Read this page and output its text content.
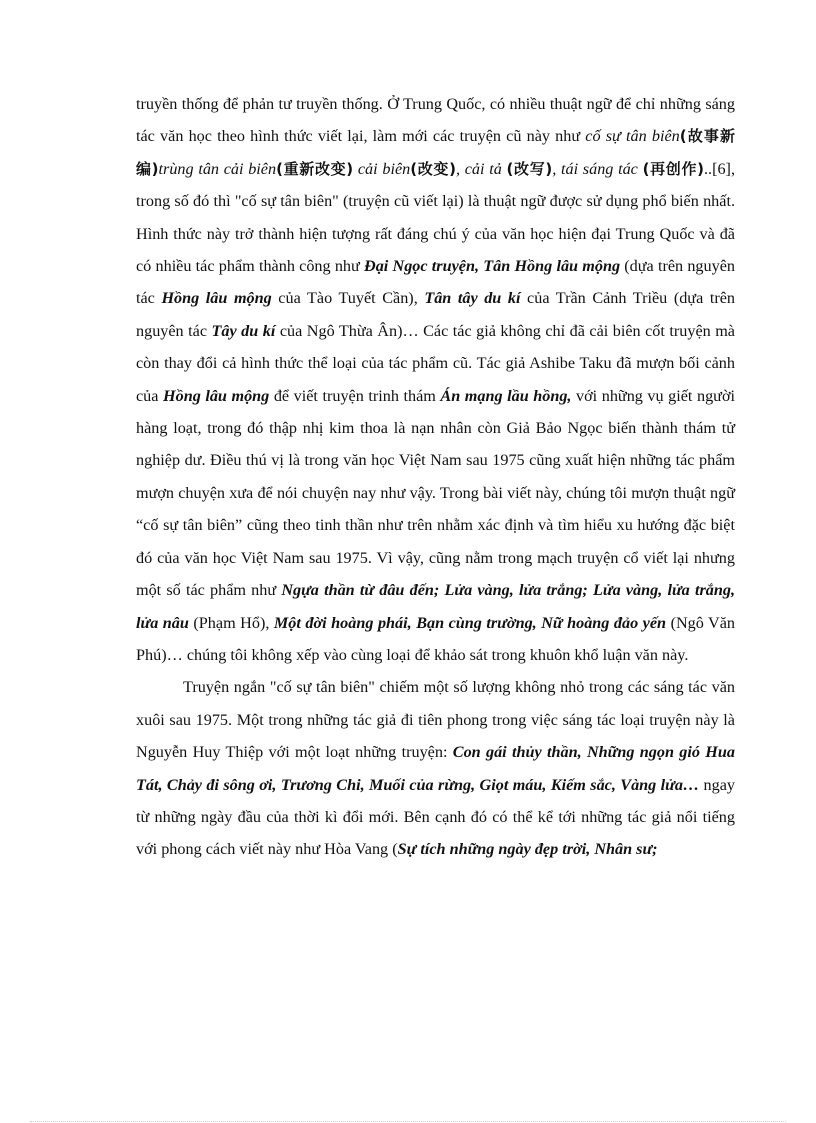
truyền thống để phản tư truyền thống. Ở Trung Quốc, có nhiều thuật ngữ để chỉ những sáng tác văn học theo hình thức viết lại, làm mới các truyện cũ này như cố sự tân biên(故事新编)trùng tân cải biên(重新改变) cải biên(改变), cải tả (改写), tái sáng tác (再创作)..[6], trong số đó thì "cố sự tân biên" (truyện cũ viết lại) là thuật ngữ được sử dụng phổ biến nhất. Hình thức này trở thành hiện tượng rất đáng chú ý của văn học hiện đại Trung Quốc và đã có nhiều tác phẩm thành công như Đại Ngọc truyện, Tân Hồng lâu mộng (dựa trên nguyên tác Hồng lâu mộng của Tào Tuyết Cần), Tân tây du kí của Trần Cảnh Triều (dựa trên nguyên tác Tây du kí của Ngô Thừa Ân)… Các tác giả không chỉ đã cải biên cốt truyện mà còn thay đổi cả hình thức thể loại của tác phẩm cũ. Tác giả Ashibe Taku đã mượn bối cảnh của Hồng lâu mộng để viết truyện trinh thám Án mạng lầu hồng, với những vụ giết người hàng loạt, trong đó thập nhị kim thoa là nạn nhân còn Giả Bảo Ngọc biến thành thám tử nghiệp dư. Điều thú vị là trong văn học Việt Nam sau 1975 cũng xuất hiện những tác phẩm mượn chuyện xưa để nói chuyện nay như vậy. Trong bài viết này, chúng tôi mượn thuật ngữ “cố sự tân biên” cũng theo tinh thần như trên nhằm xác định và tìm hiểu xu hướng đặc biệt đó của văn học Việt Nam sau 1975. Vì vậy, cũng nằm trong mạch truyện cổ viết lại nhưng một số tác phẩm như Ngựa thần từ đâu đến; Lửa vàng, lửa trắng; Lửa vàng, lửa trắng, lửa nâu (Phạm Hổ), Một đời hoàng phái, Bạn cùng trường, Nữ hoàng đảo yến (Ngô Văn Phú)… chúng tôi không xếp vào cùng loại để khảo sát trong khuôn khổ luận văn này.

Truyện ngắn "cố sự tân biên" chiếm một số lượng không nhỏ trong các sáng tác văn xuôi sau 1975. Một trong những tác giả đi tiên phong trong việc sáng tác loại truyện này là Nguyễn Huy Thiệp với một loạt những truyện: Con gái thủy thần, Những ngọn gió Hua Tát, Chảy đi sông ơi, Trương Chi, Muối của rừng, Giọt máu, Kiếm sắc, Vàng lửa… ngay từ những ngày đầu của thời kì đổi mới. Bên cạnh đó có thể kể tới những tác giả nổi tiếng với phong cách viết này như Hòa Vang (Sự tích những ngày đẹp trời, Nhân sư;
